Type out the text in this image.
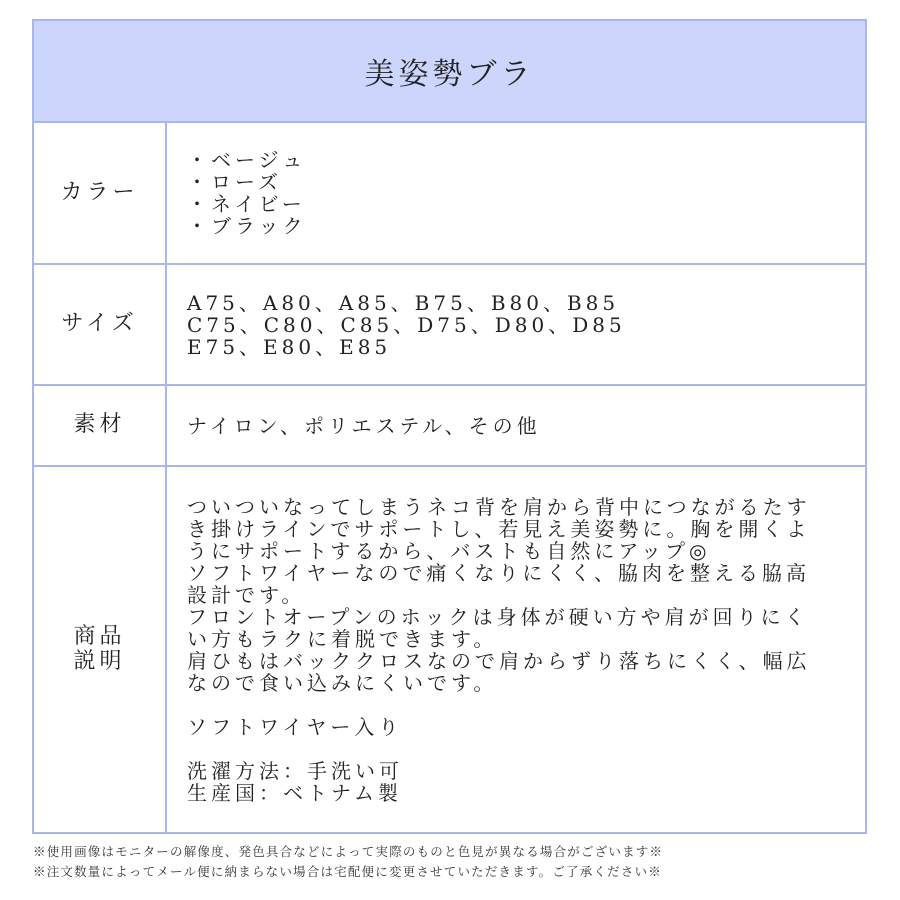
美姿勢ブラ
カラー
・ ベージュ
・ ローズ
・ ネイビー
・ ブラック
サイズ
A75、A80、A85、B75、B80、B85
C75、C80、C85、D75、D80、D85
E75、E80、E85
素材	ナイロン、ポリエステル、その他
商品
説明
ついついなってしまうネコ背を肩から背中につながるたす
き掛けラインでサポートし、若見え美姿勢に。胸を開くよ
うにサポートするから、バストも自然にアップ◎
ソフトワイヤーなので痛くなりにくく、脇肉を整える脇高
設計です。
フロントオープンのホックは身体が硬い方や肩が回りにく
い方もラクに着脱できます。
肩ひもはバッククロスなので肩からずり落ちにくく、幅広
なので食い込みにくいです。
ソフトワイヤー入り
洗濯方法：手洗い可
生産国：ベトナム製
※使用画像はモニターの解像度、発色具合などによって実際のものと色見が異なる場合がございます※
※注文数量によってメール便に納まらない場合は宅配便に変更させていただきます。ご了承ください※
